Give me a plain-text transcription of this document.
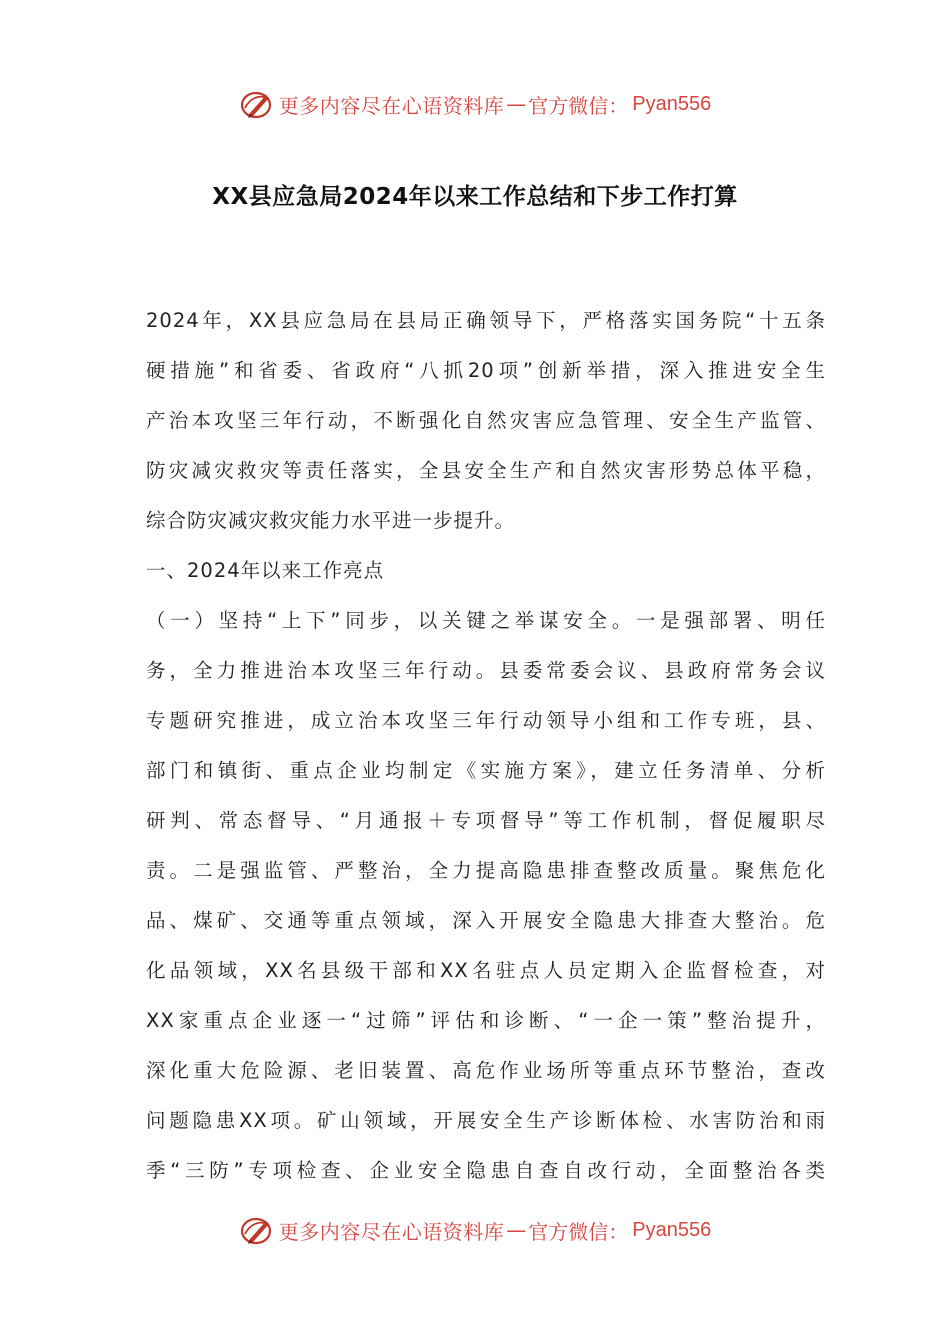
更多内容尽在心语资料库 — 官方微信： Pyan556
XX县应急局2024年以来工作总结和下步工作打算
2024年，XX县应急局在县局正确领导下，严格落实国务院“十五条
硬措施”和省委、省政府“八抓20项”创新举措，深入推进安全生
产治本攻坚三年行动，不断强化自然灾害应急管理、安全生产监管、
防灾减灾救灾等责任落实，全县安全生产和自然灾害形势总体平稳，
综合防灾减灾救灾能力水平进一步提升。
一、2024年以来工作亮点
（一）坚持“上下”同步，以关键之举谋安全。一是强部署、明任
务，全力推进治本攻坚三年行动。县委常委会议、县政府常务会议
专题研究推进，成立治本攻坚三年行动领导小组和工作专班，县、
部门和镇街、重点企业均制定《实施方案》，建立任务清单、分析
研判、常态督导、“月通报＋专项督导”等工作机制，督促履职尽
责。二是强监管、严整治，全力提高隐患排查整改质量。聚焦危化
品、煤矿、交通等重点领域，深入开展安全隐患大排查大整治。危
化品领域，XX名县级干部和XX名驻点人员定期入企监督检查，对
XX家重点企业逐一“过筛”评估和诊断、“一企一策”整治提升，
深化重大危险源、老旧装置、高危作业场所等重点环节整治，查改
问题隐患XX项。矿山领域，开展安全生产诊断体检、水害防治和雨
季“三防”专项检查、企业安全隐患自查自改行动，全面整治各类
更多内容尽在心语资料库 — 官方微信： Pyan556
